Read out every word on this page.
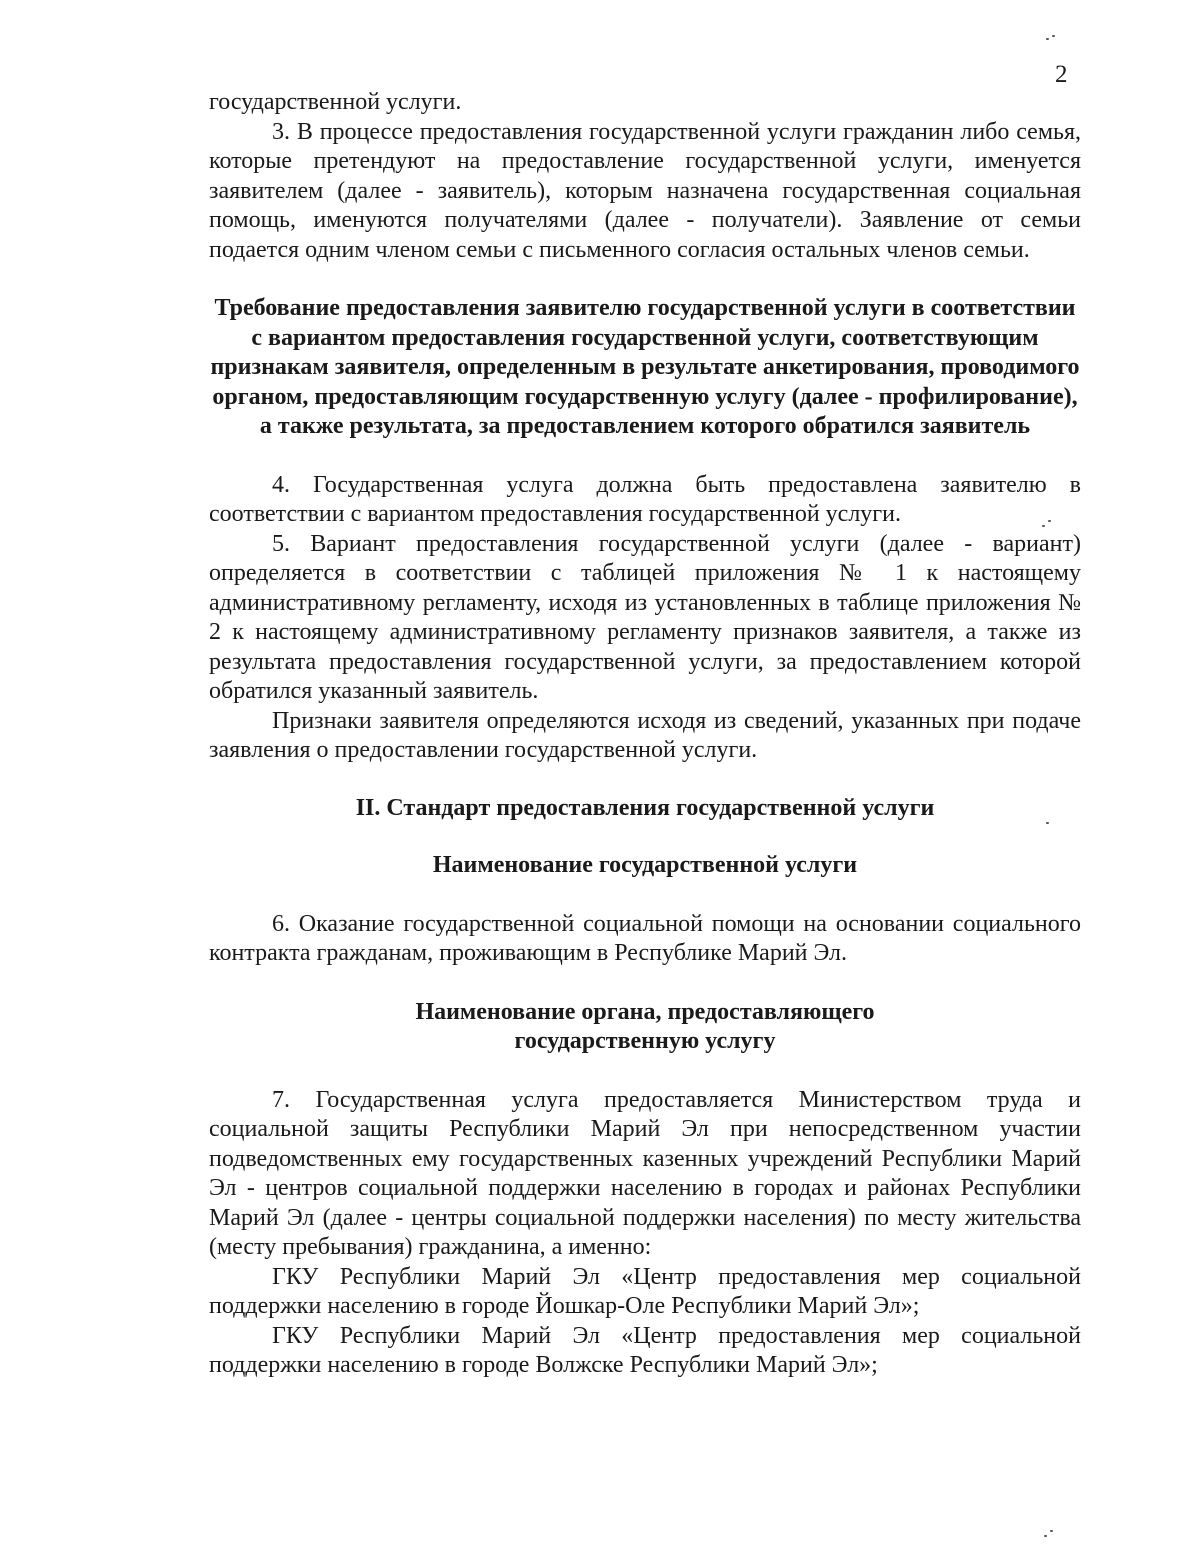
2

государственной услуги.

3. В процессе предоставления государственной услуги гражданин либо семья, которые претендуют на предоставление государственной услуги, именуется заявителем (далее - заявитель), которым назначена государственная социальная помощь, именуются получателями (далее - получатели). Заявление от семьи подается одним членом семьи с письменного согласия остальных членов семьи.

Требование предоставления заявителю государственной услуги в соответствии с вариантом предоставления государственной услуги, соответствующим признакам заявителя, определенным в результате анкетирования, проводимого органом, предоставляющим государственную услугу (далее - профилирование), а также результата, за предоставлением которого обратился заявитель

4. Государственная услуга должна быть предоставлена заявителю в соответствии с вариантом предоставления государственной услуги.

5. Вариант предоставления государственной услуги (далее - вариант) определяется в соответствии с таблицей приложения № 1 к настоящему административному регламенту, исходя из установленных в таблице приложения № 2 к настоящему административному регламенту признаков заявителя, а также из результата предоставления государственной услуги, за предоставлением которой обратился указанный заявитель.

Признаки заявителя определяются исходя из сведений, указанных при подаче заявления о предоставлении государственной услуги.

II. Стандарт предоставления государственной услуги
Наименование государственной услуги

6. Оказание государственной социальной помощи на основании социального контракта гражданам, проживающим в Республике Марий Эл.

Наименование органа, предоставляющего
государственную услугу

7. Государственная услуга предоставляется Министерством труда и социальной защиты Республики Марий Эл при непосредственном участии подведомственных ему государственных казенных учреждений Республики Марий Эл - центров социальной поддержки населению в городах и районах Республики Марий Эл (далее - центры социальной поддержки населения) по месту жительства (месту пребывания) гражданина, а именно:

ГКУ Республики Марий Эл «Центр предоставления мер социальной поддержки населению в городе Йошкар-Оле Республики Марий Эл»;

ГКУ Республики Марий Эл «Центр предоставления мер социальной поддержки населению в городе Волжске Республики Марий Эл»;
